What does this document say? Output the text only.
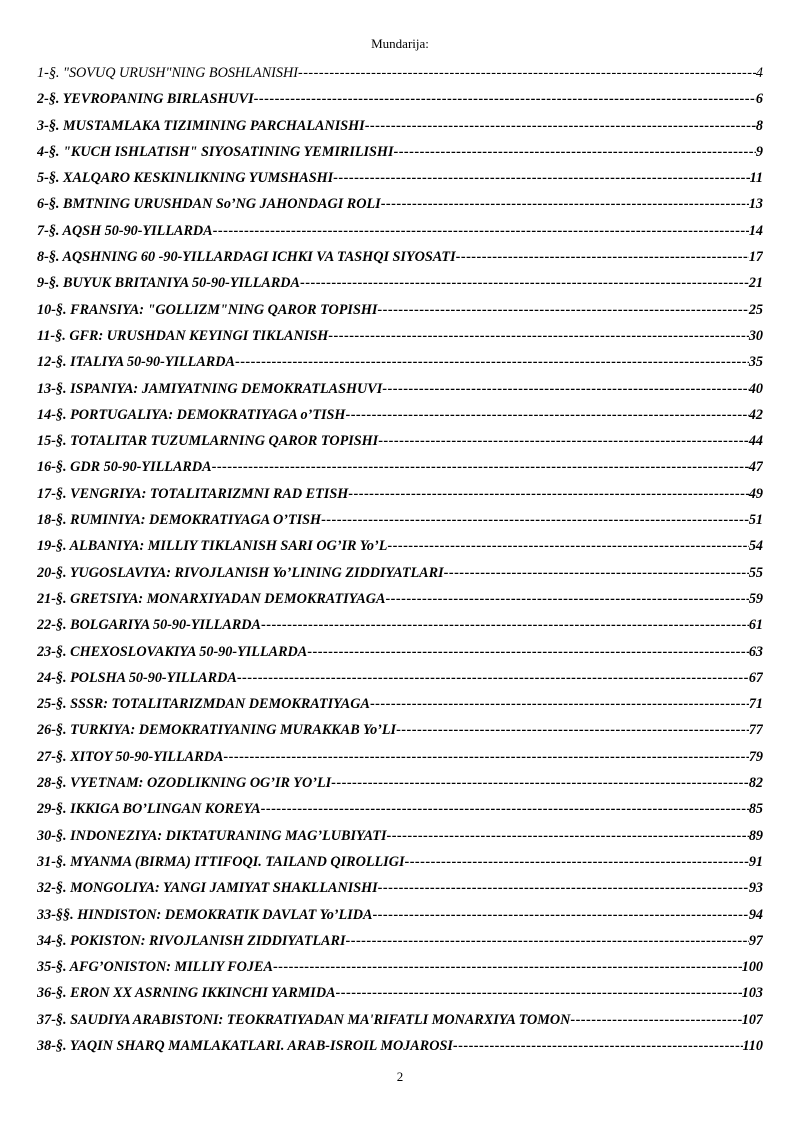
Mundarija:
1-§. "SOVUQ URUSH"NING BOSHLANISHI -----	4
2-§. YEVROPANING BIRLASHUVI -----	6
3-§. MUSTAMLAKA TIZIMINING PARCHALANISHI -----	8
4-§. "KUCH ISHLATISH" SIYOSATINING YEMIRILISHI -----	9
5-§. XALQARO KESKINLIKNING YUMSHASHI -----	11
6-§. BMTNING URUSHDAN So’NG JAHONDAGI ROLI -----	13
7-§. AQSH 50-90-YILLARDA -----	14
8-§. AQSHNING 60 -90-YILLARDAGI ICHKI VA TASHQI SIYOSATI -----	17
9-§. BUYUK BRITANIYA 50-90-YILLARDA -----	21
10-§. FRANSIYA: "GOLLIZM"NING QAROR TOPISHI -----	25
11-§. GFR: URUSHDAN KEYINGI TIKLANISH -----	30
12-§. ITALIYA 50-90-YILLARDA -----	35
13-§. ISPANIYA: JAMIYATNING DEMOKRATLASHUVI -----	40
14-§. PORTUGALIYA: DEMOKRATIYAGA o’TISH -----	42
15-§. TOTALITAR TUZUMLARNING QAROR TOPISHI -----	44
16-§. GDR 50-90-YILLARDA -----	47
17-§. VENGRIYA: TOTALITARIZMNI RAD ETISH -----	49
18-§. RUMINIYA: DEMOKRATIYAGA O’TISH -----	51
19-§. ALBANIYA: MILLIY TIKLANISH SARI OG’IR Yo’L -----	54
20-§. YUGOSLAVIYA: RIVOJLANISH Yo’LINING ZIDDIYATLARI -----	55
21-§. GRETSIYA: MONARXIYADAN DEMOKRATIYAGA -----	59
22-§. BOLGARIYA 50-90-YILLARDA -----	61
23-§. CHEXOSLOVAKIYA 50-90-YILLARDA -----	63
24-§. POLSHA 50-90-YILLARDA -----	67
25-§. SSSR: TOTALITARIZMDAN DEMOKRATIYAGA -----	71
26-§. TURKIYA: DEMOKRATIYANING MURAKKAB Yo’LI -----	77
27-§. XITOY 50-90-YILLARDA -----	79
28-§. VYETNAM: OZODLIKNING OG’IR YO’LI -----	82
29-§. IKKIGA BO’LINGAN KOREYA -----	85
30-§. INDONEZIYA: DIKTATURANING MAG’LUBIYATI -----	89
31-§. MYANMA (BIRMA) ITTIFOQI. TAILAND QIROLLIGI -----	91
32-§. MONGOLIYA: YANGI JAMIYAT SHAKLLANISHI -----	93
33-§§. HINDISTON: DEMOKRATIK DAVLAT Yo’LIDA -----	94
34-§. POKISTON: RIVOJLANISH ZIDDIYATLARI -----	97
35-§. AFG’ONISTON: MILLIY FOJEA -----	100
36-§. ERON XX ASRNING IKKINCHI YARMIDA -----	103
37-§. SAUDIYA ARABISTONI: TEOKRATIYADAN MA'RIFATLI MONARXIYA TOMON -----	107
38-§. YAQIN SHARQ MAMLAKATLARI. ARAB-ISROIL MOJAROSI -----	110
2
